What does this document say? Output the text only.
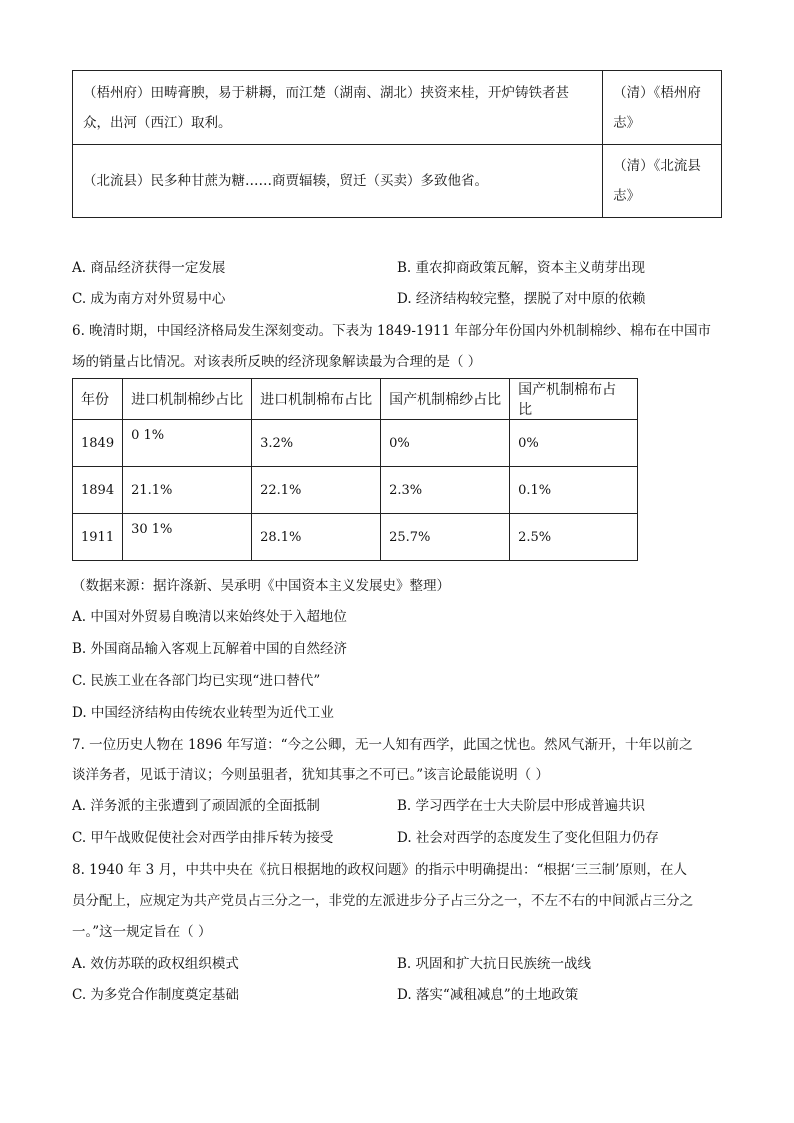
（梧州府）田畴膏腴，易于耕耨，而江楚（湖南、湖北）挟资来桂，开炉铸铁者甚
众，出河（西江）取利。	（清）《梧州府
志》
（北流县）民多种甘蔗为糖……商贾辐辏，贸迁（买卖）多致他省。	（清）《北流县
志》
A. 商品经济获得一定发展	B. 重农抑商政策瓦解，资本主义萌芽出现
C. 成为南方对外贸易中心	D. 经济结构较完整，摆脱了对中原的依赖
6. 晚清时期，中国经济格局发生深刻变动。下表为 1849-1911 年部分年份国内外机制棉纱、棉布在中国市
场的销量占比情况。对该表所反映的经济现象解读最为合理的是（ ）
年份	进口机制棉纱占比	进口机制棉布占比	国产机制棉纱占比	国产机制棉布占比
1849	0 1%	3.2%	0%	0%
1894	21.1%	22.1%	2.3%	0.1%
1911	30 1%	28.1%	25.7%	2.5%
（数据来源：据许涤新、吴承明《中国资本主义发展史》整理）
A. 中国对外贸易自晚清以来始终处于入超地位
B. 外国商品输入客观上瓦解着中国的自然经济
C. 民族工业在各部门均已实现“进口替代”
D. 中国经济结构由传统农业转型为近代工业
7. 一位历史人物在 1896 年写道：“今之公卿，无一人知有西学，此国之忧也。然风气渐开，十年以前之
谈洋务者，见诋于清议；今则虽驵者，犹知其事之不可已。”该言论最能说明（ ）
A. 洋务派的主张遭到了顽固派的全面抵制	B. 学习西学在士大夫阶层中形成普遍共识
C. 甲午战败促使社会对西学由排斥转为接受	D. 社会对西学的态度发生了变化但阻力仍存
8. 1940 年 3 月，中共中央在《抗日根据地的政权问题》的指示中明确提出：“根据‘三三制’原则，在人
员分配上，应规定为共产党员占三分之一，非党的左派进步分子占三分之一，不左不右的中间派占三分之
一。”这一规定旨在（ ）
A. 效仿苏联的政权组织模式	B. 巩固和扩大抗日民族统一战线
C. 为多党合作制度奠定基础	D. 落实“减租减息”的土地政策
